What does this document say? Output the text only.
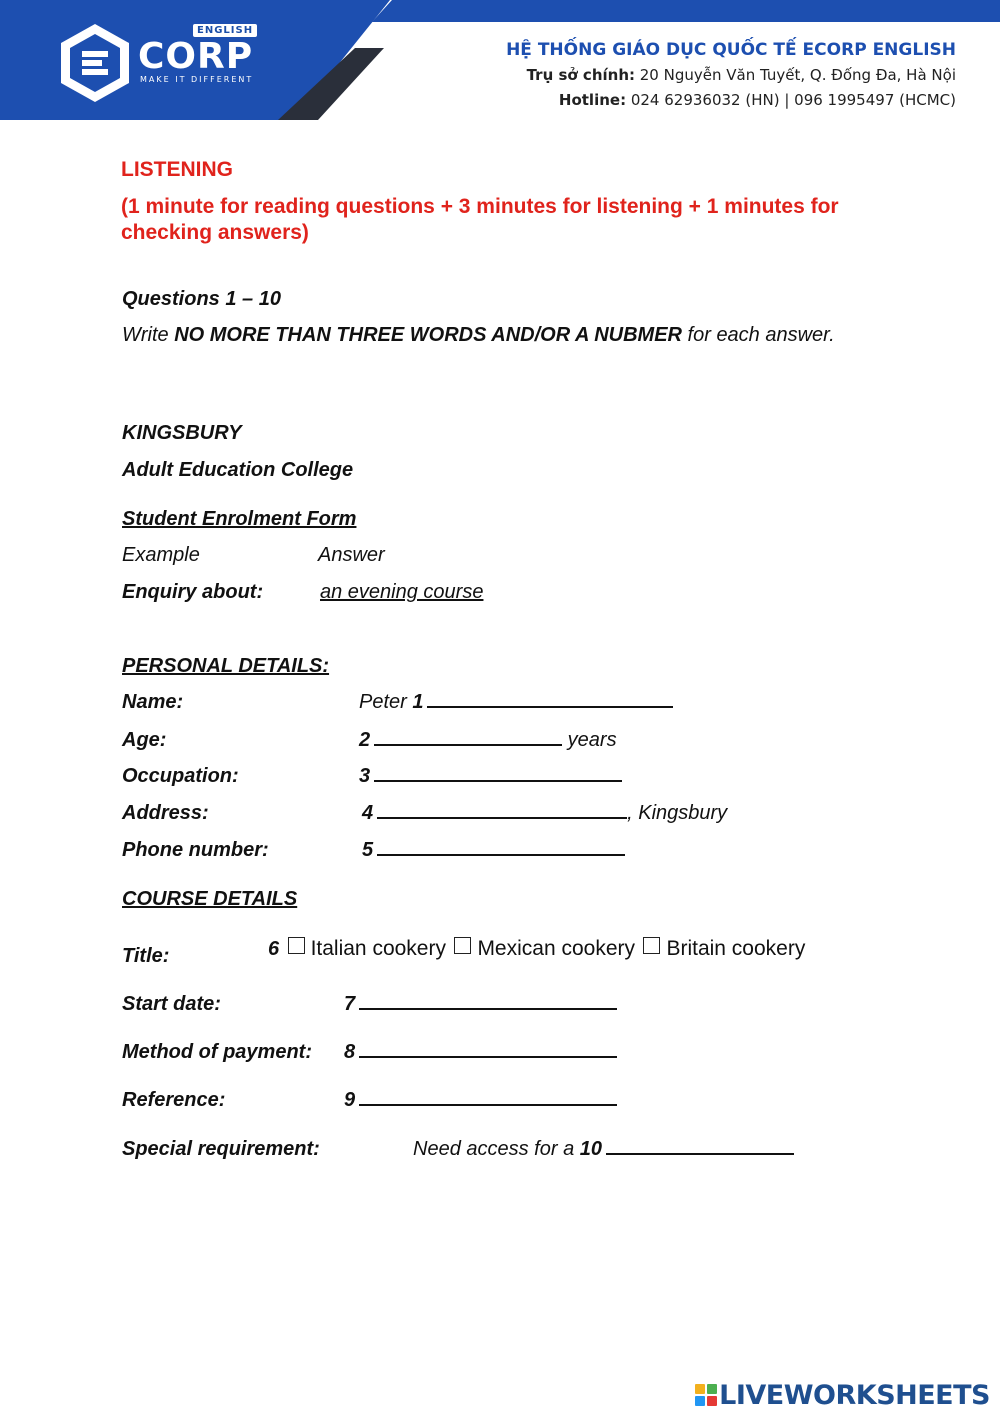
ENGLISH
CORP
MAKE IT DIFFERENT
HỆ THỐNG GIÁO DỤC QUỐC TẾ ECORP ENGLISH
Trụ sở chính: 20 Nguyễn Văn Tuyết, Q. Đống Đa, Hà Nội
Hotline: 024 62936032 (HN) | 096 1995497 (HCMC)
LISTENING
(1 minute for reading questions + 3 minutes for listening + 1 minutes for checking answers)
Questions 1 – 10
Write NO MORE THAN THREE WORDS AND/OR A NUBMER for each answer.
KINGSBURY
Adult Education College
Student Enrolment Form
Example	Answer
Enquiry about:	an evening course
PERSONAL DETAILS:
Name:	Peter 1
Age:	2	years
Occupation:	3
Address:	4	, Kingsbury
Phone number:	5
COURSE DETAILS
Title:	6 Italian cookery Mexican cookery Britain cookery
Start date:	7
Method of payment: 8
Reference:	9
Special requirement:	Need access for a 10
LIVEWORKSHEETS
